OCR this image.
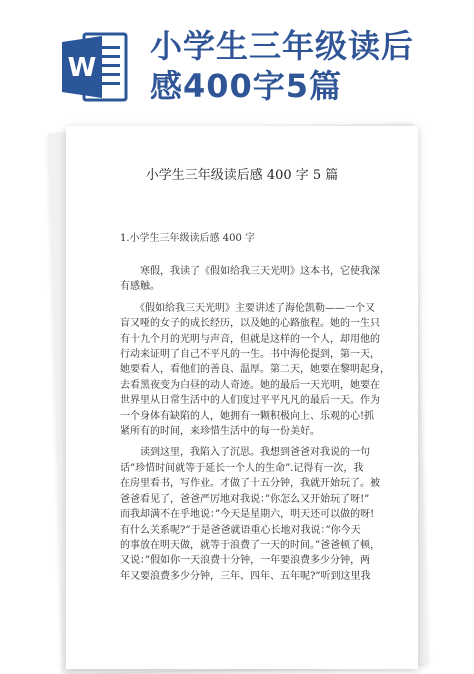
W
小学生三年级读后
感400字5篇
小学生三年级读后感 400 字 5 篇
1.小学生三年级读后感 400 字
　　寒假，我读了《假如给我三天光明》这本书，它使我深
有感触。
　　《假如给我三天光明》主要讲述了海伦凯勒——一个又
盲又哑的女子的成长经历，以及她的心路旅程。她的一生只
有十九个月的光明与声音，但就是这样的一个人，却用他的
行动来证明了自己不平凡的一生。书中海伦提到，第一天，
她要看人，看他们的善良、温厚。第二天，她要在黎明起身，
去看黑夜变为白昼的动人奇迹。她的最后一天光明，她要在
世界里从日常生活中的人们度过平平凡凡的最后一天。作为
一个身体有缺陷的人，她拥有一颗积极向上、乐观的心!抓
紧所有的时间，来珍惜生活中的每一份美好。
　　读到这里，我陷入了沉思。我想到爸爸对我说的一句
话”珍惜时间就等于延长一个人的生命”.记得有一次，我
在房里看书，写作业。才做了十五分钟，我就开始玩了。被
爸爸看见了，爸爸严厉地对我说：”你怎么又开始玩了呀!”
而我却满不在乎地说：”今天是星期六，明天还可以做的呀!
有什么关系呢?”于是爸爸就语重心长地对我说：”你今天
的事放在明天做，就等于浪费了一天的时间。”爸爸顿了顿，
又说：”假如你一天浪费十分钟，一年要浪费多少分钟，两
年又要浪费多少分钟，三年、四年、五年呢?”听到这里我
